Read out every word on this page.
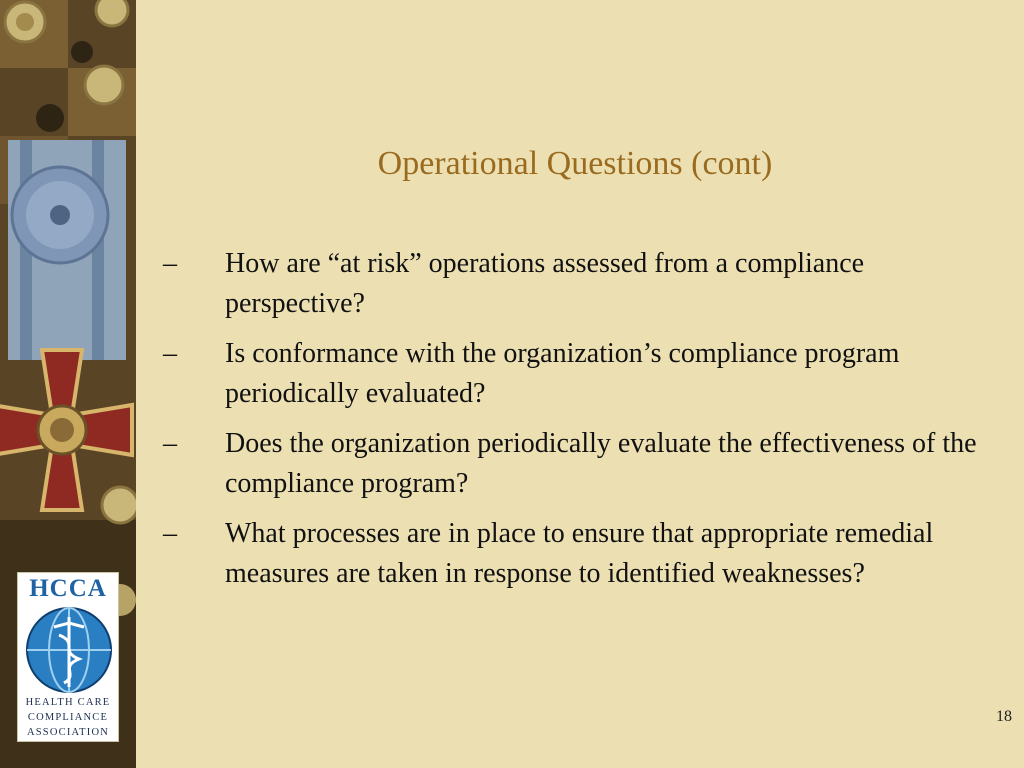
HCCA
HEALTH CARE
COMPLIANCE
ASSOCIATION
Operational Questions (cont)
–	How are “at risk” operations assessed from a compliance perspective?
–	Is conformance with the organization’s compliance program periodically evaluated?
–	Does the organization periodically evaluate the effectiveness of the compliance program?
–	What processes are in place to ensure that appropriate remedial measures are taken in response to identified weaknesses?
18
